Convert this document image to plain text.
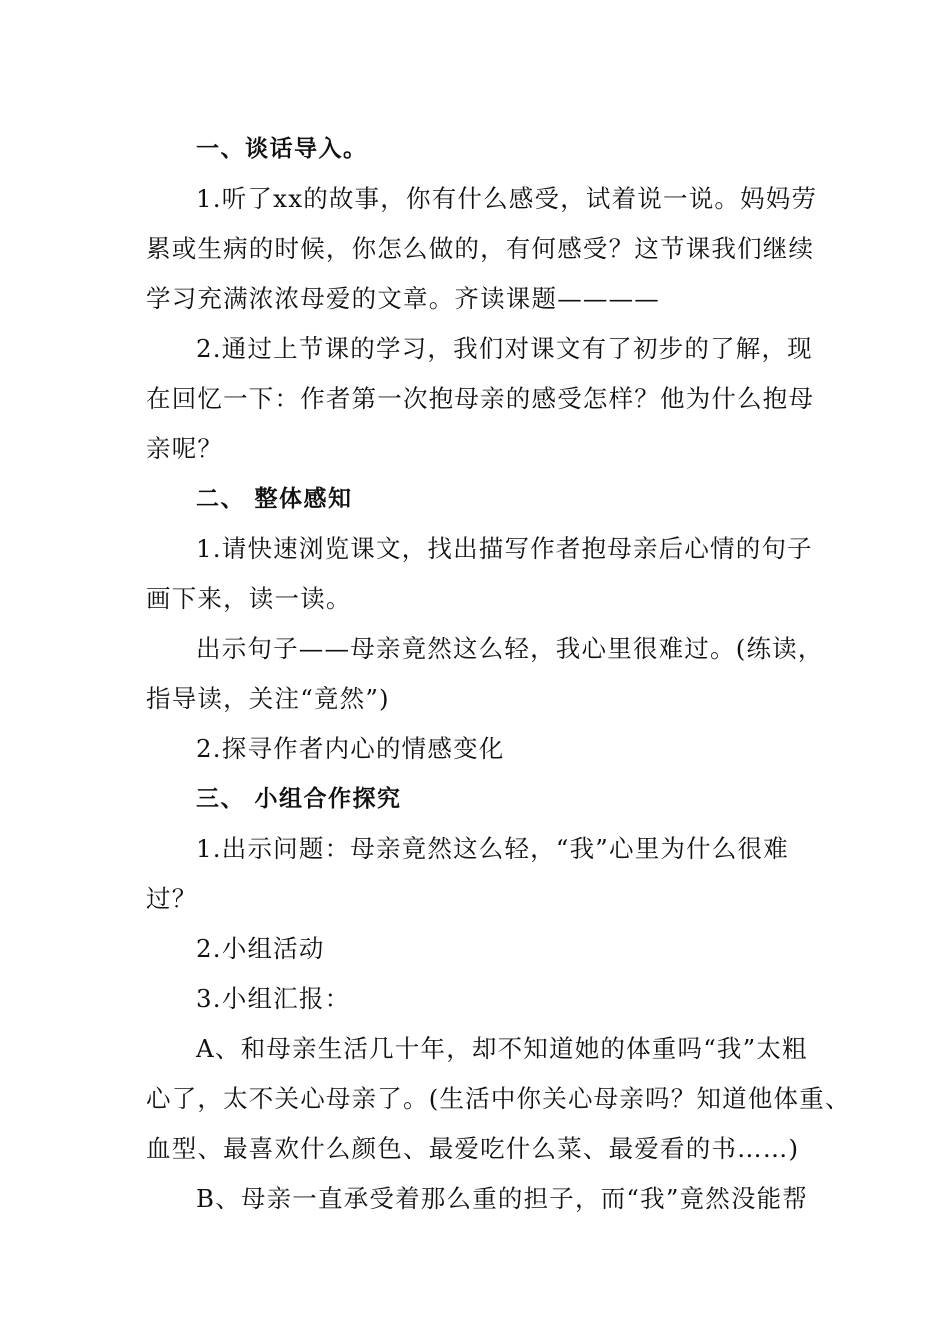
一、谈话导入。
1.听了xx的故事，你有什么感受，试着说一说。妈妈劳
累或生病的时候，你怎么做的，有何感受？这节课我们继续
学习充满浓浓母爱的文章。齐读课题————
2.通过上节课的学习，我们对课文有了初步的了解，现
在回忆一下：作者第一次抱母亲的感受怎样？他为什么抱母
亲呢？
二、 整体感知
1.请快速浏览课文，找出描写作者抱母亲后心情的句子
画下来，读一读。
出示句子——母亲竟然这么轻，我心里很难过。(练读，
指导读，关注“竟然”)
2.探寻作者内心的情感变化
三、 小组合作探究
1.出示问题：母亲竟然这么轻，“我”心里为什么很难
过？
2.小组活动
3.小组汇报：
A、和母亲生活几十年，却不知道她的体重吗“我”太粗
心了，太不关心母亲了。(生活中你关心母亲吗？知道他体重、
血型、最喜欢什么颜色、最爱吃什么菜、最爱看的书……)
B、母亲一直承受着那么重的担子，而“我”竟然没能帮
